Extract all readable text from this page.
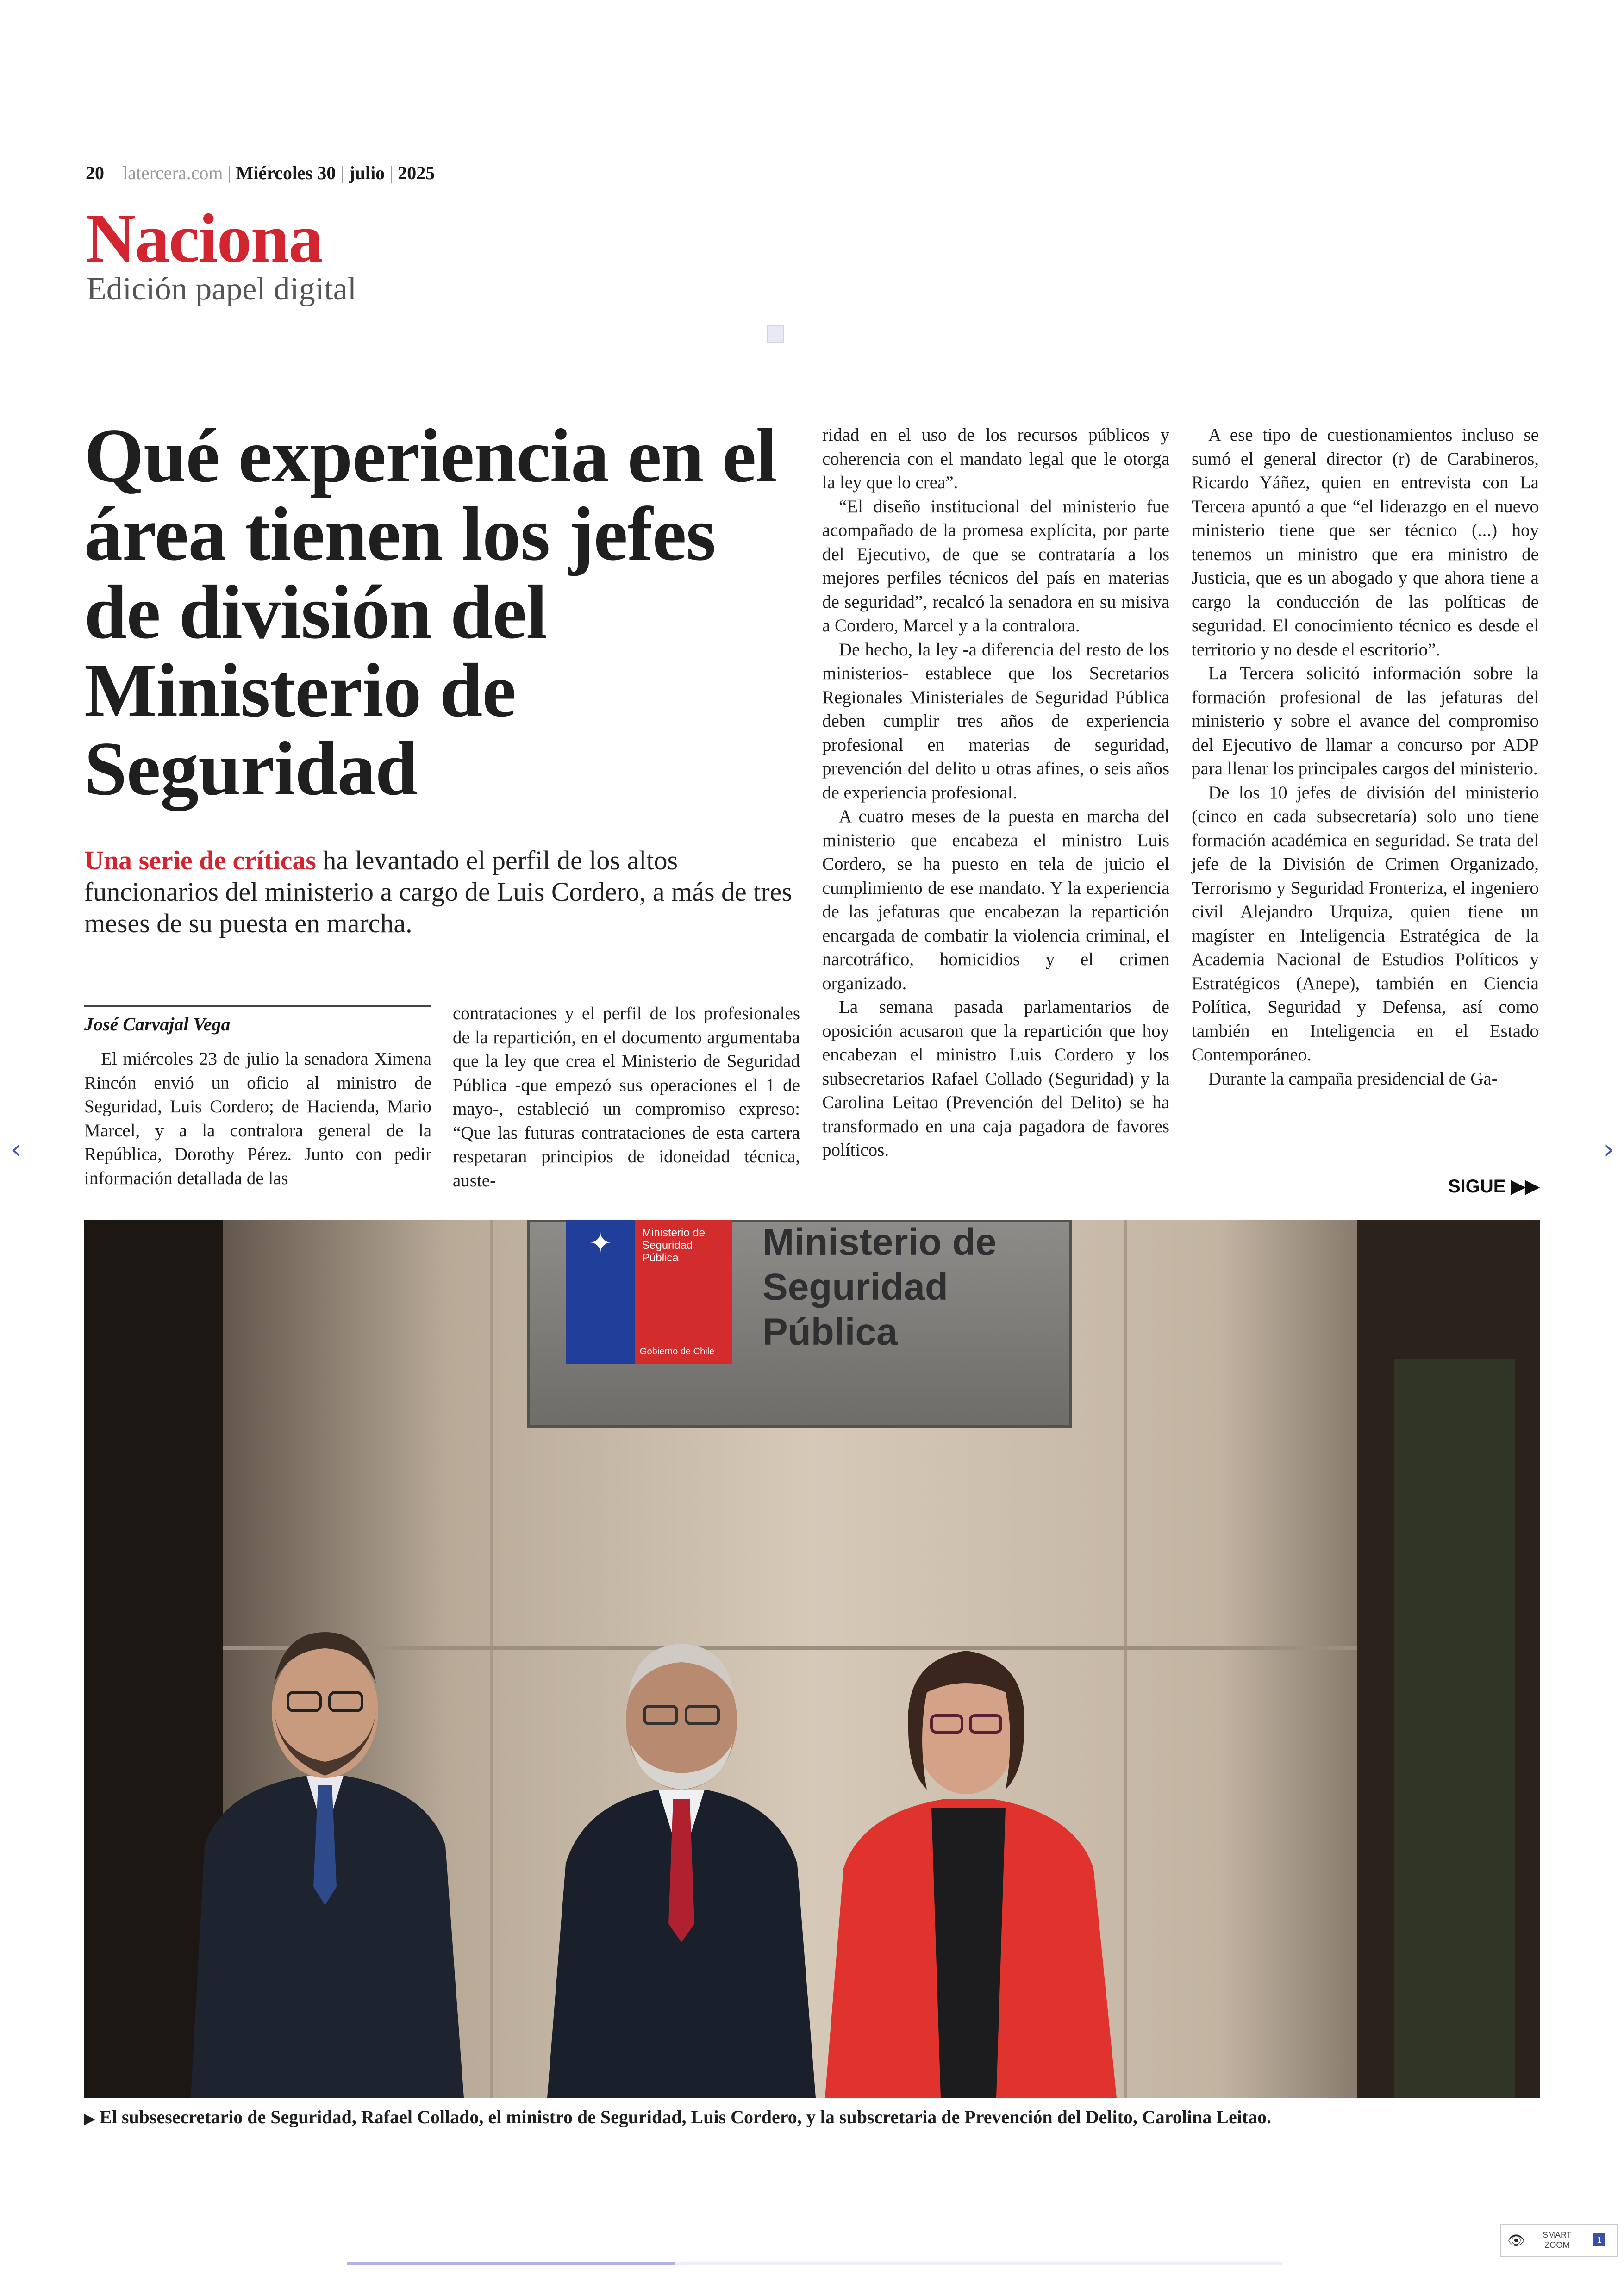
20 latercera.com | Miércoles 30 | julio | 2025
Naciona
Edición papel digital
Qué experiencia en el área tienen los jefes de división del Ministerio de Seguridad

Una serie de críticas ha levantado el perfil de los altos funcionarios del ministerio a cargo de Luis Cordero, a más de tres meses de su puesta en marcha.

José Carvajal Vega

El miércoles 23 de julio la senadora Ximena Rincón envió un oficio al ministro de Seguridad, Luis Cordero; de Hacienda, Mario Marcel, y a la contralora general de la República, Dorothy Pérez. Junto con pedir información detallada de las

contrataciones y el perfil de los profesionales de la repartición, en el documento argumentaba que la ley que crea el Ministerio de Seguridad Pública -que empezó sus operaciones el 1 de mayo-, estableció un compromiso expreso: “Que las futuras contrataciones de esta cartera respetaran principios de idoneidad técnica, auste-

ridad en el uso de los recursos públicos y coherencia con el mandato legal que le otorga la ley que lo crea”.

“El diseño institucional del ministerio fue acompañado de la promesa explícita, por parte del Ejecutivo, de que se contrataría a los mejores perfiles técnicos del país en materias de seguridad”, recalcó la senadora en su misiva a Cordero, Marcel y a la contralora.

De hecho, la ley -a diferencia del resto de los ministerios- establece que los Secretarios Regionales Ministeriales de Seguridad Pública deben cumplir tres años de experiencia profesional en materias de seguridad, prevención del delito u otras afines, o seis años de experiencia profesional.

A cuatro meses de la puesta en marcha del ministerio que encabeza el ministro Luis Cordero, se ha puesto en tela de juicio el cumplimiento de ese mandato. Y la experiencia de las jefaturas que encabezan la repartición encargada de combatir la violencia criminal, el narcotráfico, homicidios y el crimen organizado.

La semana pasada parlamentarios de oposición acusaron que la repartición que hoy encabezan el ministro Luis Cordero y los subsecretarios Rafael Collado (Seguridad) y la Carolina Leitao (Prevención del Delito) se ha transformado en una caja pagadora de favores políticos.

A ese tipo de cuestionamientos incluso se sumó el general director (r) de Carabineros, Ricardo Yáñez, quien en entrevista con La Tercera apuntó a que “el liderazgo en el nuevo ministerio tiene que ser técnico (...) hoy tenemos un ministro que era ministro de Justicia, que es un abogado y que ahora tiene a cargo la conducción de las políticas de seguridad. El conocimiento técnico es desde el territorio y no desde el escritorio”.

La Tercera solicitó información sobre la formación profesional de las jefaturas del ministerio y sobre el avance del compromiso del Ejecutivo de llamar a concurso por ADP para llenar los principales cargos del ministerio.

De los 10 jefes de división del ministerio (cinco en cada subsecretaría) solo uno tiene formación académica en seguridad. Se trata del jefe de la División de Crimen Organizado, Terrorismo y Seguridad Fronteriza, el ingeniero civil Alejandro Urquiza, quien tiene un magíster en Inteligencia Estratégica de la Academia Nacional de Estudios Políticos y Estratégicos (Anepe), también en Ciencia Política, Seguridad y Defensa, así como también en Inteligencia en el Estado Contemporáneo.

Durante la campaña presidencial de Ga-

SIGUE ▶▶
✦	Ministerio de
Seguridad
Pública
Gobierno de Chile
Ministerio de
Seguridad
Pública
▶ El subsesecretario de Seguridad, Rafael Collado, el ministro de Seguridad, Luis Cordero, y la subscretaria de Prevención del Delito, Carolina Leitao.
‹	›
👁 SMART
ZOOM
1
